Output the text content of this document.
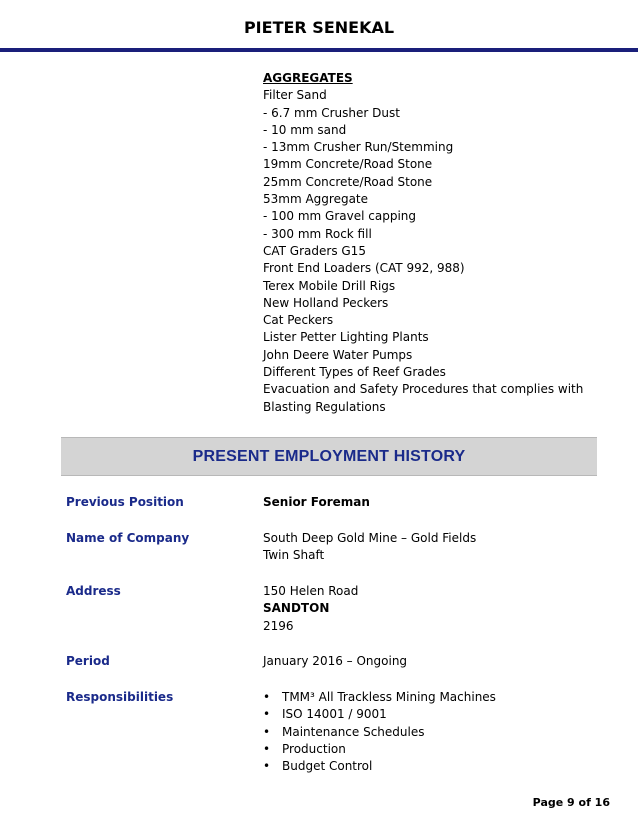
PIETER SENEKAL
AGGREGATES
Filter Sand
- 6.7 mm Crusher Dust
- 10 mm sand
- 13mm Crusher Run/Stemming
19mm Concrete/Road Stone
25mm Concrete/Road Stone
53mm Aggregate
- 100 mm Gravel capping
- 300 mm Rock fill
CAT Graders G15
Front End Loaders (CAT 992, 988)
Terex Mobile Drill Rigs
New Holland Peckers
Cat Peckers
Lister Petter Lighting Plants
John Deere Water Pumps
Different Types of Reef Grades
Evacuation and Safety Procedures that complies with
Blasting Regulations
PRESENT EMPLOYMENT HISTORY
Previous Position	Senior Foreman
Name of Company	South Deep Gold Mine – Gold Fields
Twin Shaft
Address	150 Helen Road
SANDTON
2196
Period	January 2016 – Ongoing
Responsibilities
•	TMM³ All Trackless Mining Machines
• ISO 14001 / 9001
• Maintenance Schedules
• Production
• Budget Control
Page 9 of 16
